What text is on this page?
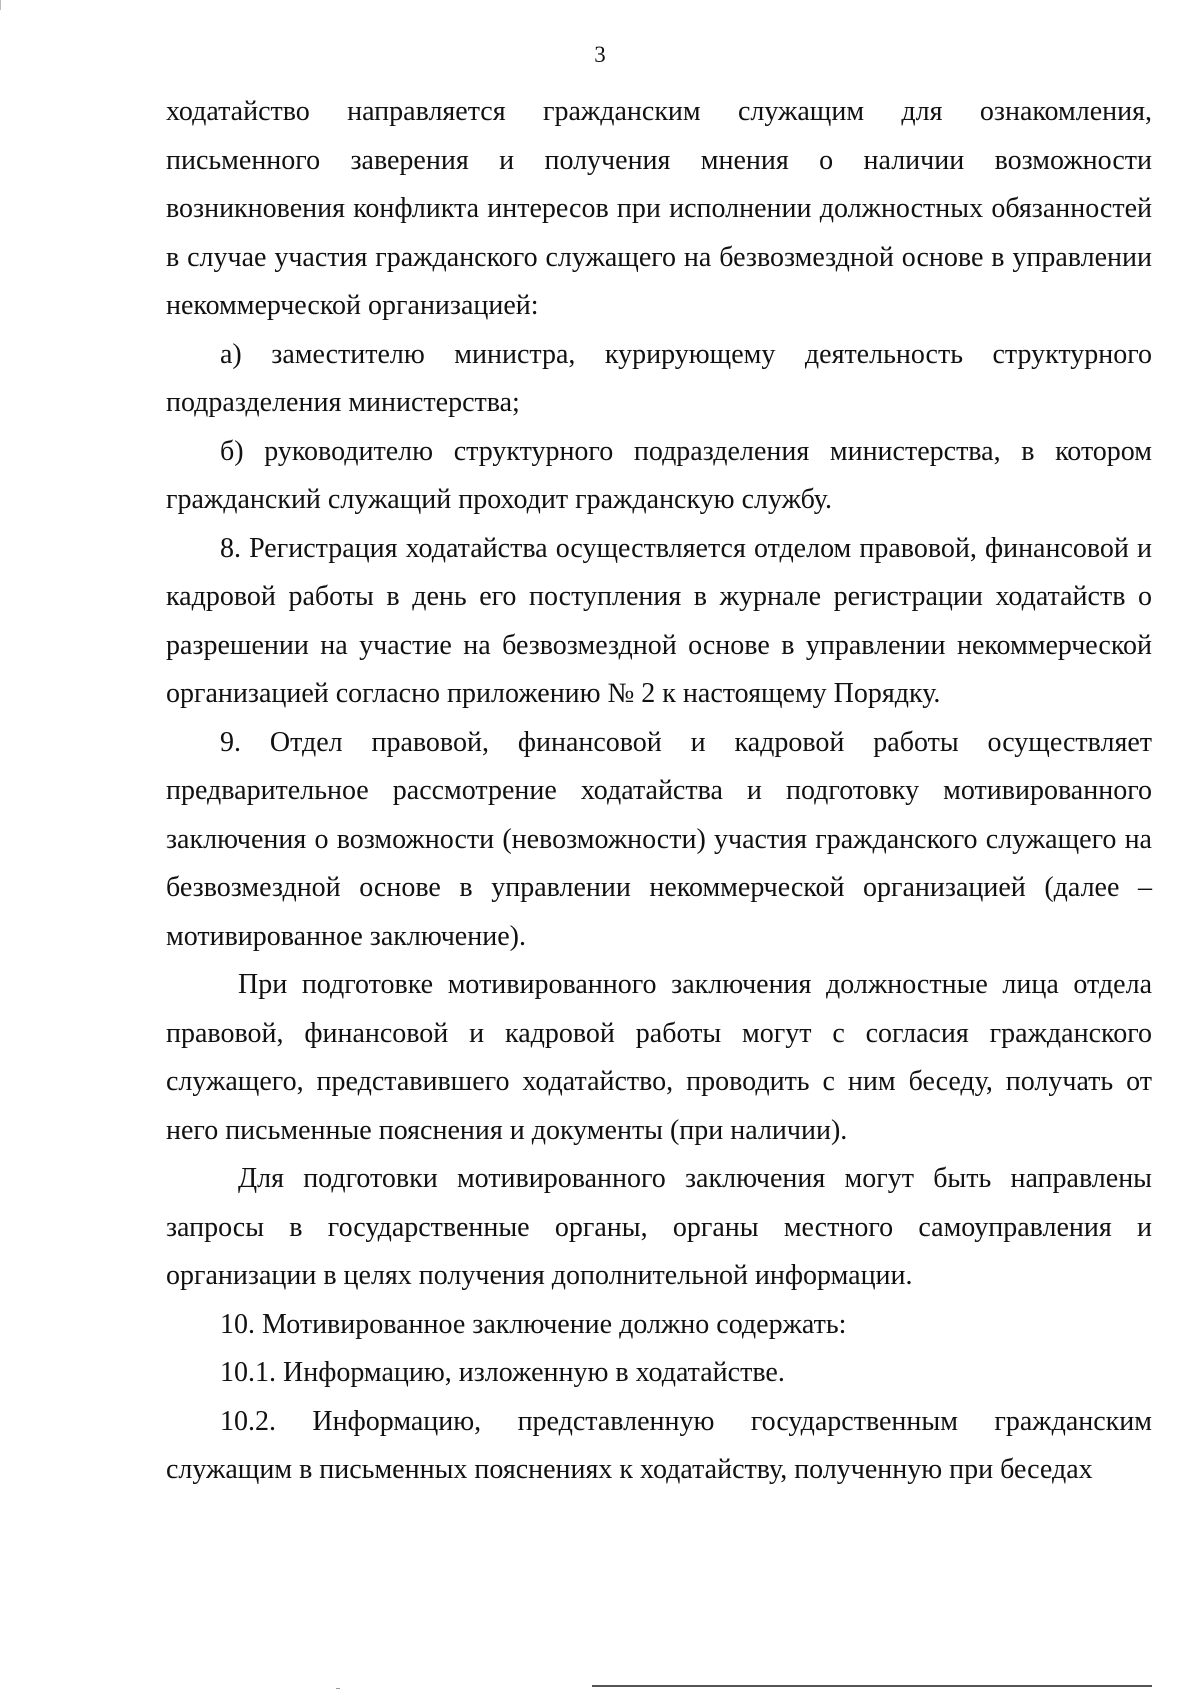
3

ходатайство направляется гражданским служащим для ознакомления, письменного заверения и получения мнения о наличии возможности возникновения конфликта интересов при исполнении должностных обязанностей в случае участия гражданского служащего на безвозмездной основе в управлении некоммерческой организацией:

а) заместителю министра, курирующему деятельность структурного подразделения министерства;

б) руководителю структурного подразделения министерства, в котором гражданский служащий проходит гражданскую службу.

8. Регистрация ходатайства осуществляется отделом правовой, финансовой и кадровой работы в день его поступления в журнале регистрации ходатайств о разрешении на участие на безвозмездной основе в управлении некоммерческой организацией согласно приложению № 2 к настоящему Порядку.

9. Отдел правовой, финансовой и кадровой работы осуществляет предварительное рассмотрение ходатайства и подготовку мотивированного заключения о возможности (невозможности) участия гражданского служащего на безвозмездной основе в управлении некоммерческой организацией (далее – мотивированное заключение).

При подготовке мотивированного заключения должностные лица отдела правовой, финансовой и кадровой работы могут с согласия гражданского служащего, представившего ходатайство, проводить с ним беседу, получать от него письменные пояснения и документы (при наличии).

Для подготовки мотивированного заключения могут быть направлены запросы в государственные органы, органы местного самоуправления и организации в целях получения дополнительной информации.

10. Мотивированное заключение должно содержать:

10.1. Информацию, изложенную в ходатайстве.

10.2. Информацию, представленную государственным гражданским служащим в письменных пояснениях к ходатайству, полученную при беседах
